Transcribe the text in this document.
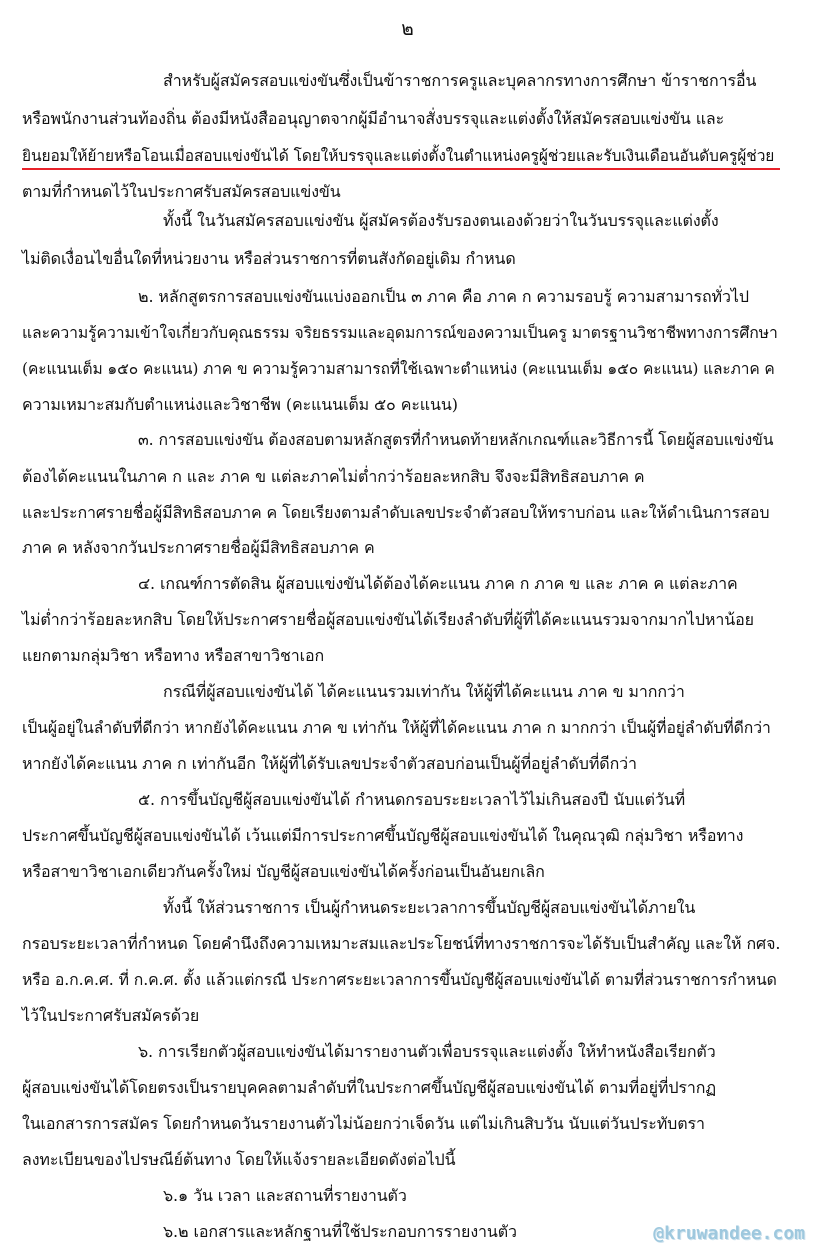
๒
สำหรับผู้สมัครสอบแข่งขันซึ่งเป็นข้าราชการครูและบุคลากรทางการศึกษา ข้าราชการอื่น
หรือพนักงานส่วนท้องถิ่น ต้องมีหนังสืออนุญาตจากผู้มีอำนาจสั่งบรรจุและแต่งตั้งให้สมัครสอบแข่งขัน และ
ยินยอมให้ย้ายหรือโอนเมื่อสอบแข่งขันได้ โดยให้บรรจุและแต่งตั้งในตำแหน่งครูผู้ช่วยและรับเงินเดือนอันดับครูผู้ช่วย
ตามที่กำหนดไว้ในประกาศรับสมัครสอบแข่งขัน
ทั้งนี้ ในวันสมัครสอบแข่งขัน ผู้สมัครต้องรับรองตนเองด้วยว่าในวันบรรจุและแต่งตั้ง
ไม่ติดเงื่อนไขอื่นใดที่หน่วยงาน หรือส่วนราชการที่ตนสังกัดอยู่เดิม กำหนด
๒. หลักสูตรการสอบแข่งขันแบ่งออกเป็น ๓ ภาค คือ ภาค ก ความรอบรู้ ความสามารถทั่วไป
และความรู้ความเข้าใจเกี่ยวกับคุณธรรม จริยธรรมและอุดมการณ์ของความเป็นครู มาตรฐานวิชาชีพทางการศึกษา
(คะแนนเต็ม ๑๕๐ คะแนน) ภาค ข ความรู้ความสามารถที่ใช้เฉพาะตำแหน่ง (คะแนนเต็ม ๑๕๐ คะแนน) และภาค ค
ความเหมาะสมกับตำแหน่งและวิชาชีพ (คะแนนเต็ม ๕๐ คะแนน)
๓. การสอบแข่งขัน ต้องสอบตามหลักสูตรที่กำหนดท้ายหลักเกณฑ์และวิธีการนี้ โดยผู้สอบแข่งขัน
ต้องได้คะแนนในภาค ก และ ภาค ข แต่ละภาคไม่ต่ำกว่าร้อยละหกสิบ จึงจะมีสิทธิสอบภาค ค
และประกาศรายชื่อผู้มีสิทธิสอบภาค ค โดยเรียงตามลำดับเลขประจำตัวสอบให้ทราบก่อน และให้ดำเนินการสอบ
ภาค ค หลังจากวันประกาศรายชื่อผู้มีสิทธิสอบภาค ค
๔. เกณฑ์การตัดสิน ผู้สอบแข่งขันได้ต้องได้คะแนน ภาค ก ภาค ข และ ภาค ค แต่ละภาค
ไม่ต่ำกว่าร้อยละหกสิบ โดยให้ประกาศรายชื่อผู้สอบแข่งขันได้เรียงลำดับที่ผู้ที่ได้คะแนนรวมจากมากไปหาน้อย
แยกตามกลุ่มวิชา หรือทาง หรือสาขาวิชาเอก
กรณีที่ผู้สอบแข่งขันได้ ได้คะแนนรวมเท่ากัน ให้ผู้ที่ได้คะแนน ภาค ข มากกว่า
เป็นผู้อยู่ในลำดับที่ดีกว่า หากยังได้คะแนน ภาค ข เท่ากัน ให้ผู้ที่ได้คะแนน ภาค ก มากกว่า เป็นผู้ที่อยู่ลำดับที่ดีกว่า
หากยังได้คะแนน ภาค ก เท่ากันอีก ให้ผู้ที่ได้รับเลขประจำตัวสอบก่อนเป็นผู้ที่อยู่ลำดับที่ดีกว่า
๕. การขึ้นบัญชีผู้สอบแข่งขันได้ กำหนดกรอบระยะเวลาไว้ไม่เกินสองปี นับแต่วันที่
ประกาศขึ้นบัญชีผู้สอบแข่งขันได้ เว้นแต่มีการประกาศขึ้นบัญชีผู้สอบแข่งขันได้ ในคุณวุฒิ กลุ่มวิชา หรือทาง
หรือสาขาวิชาเอกเดียวกันครั้งใหม่ บัญชีผู้สอบแข่งขันได้ครั้งก่อนเป็นอันยกเลิก
ทั้งนี้ ให้ส่วนราชการ เป็นผู้กำหนดระยะเวลาการขึ้นบัญชีผู้สอบแข่งขันได้ภายใน
กรอบระยะเวลาที่กำหนด โดยคำนึงถึงความเหมาะสมและประโยชน์ที่ทางราชการจะได้รับเป็นสำคัญ และให้ กศจ.
หรือ อ.ก.ค.ศ. ที่ ก.ค.ศ. ตั้ง แล้วแต่กรณี ประกาศระยะเวลาการขึ้นบัญชีผู้สอบแข่งขันได้ ตามที่ส่วนราชการกำหนด
ไว้ในประกาศรับสมัครด้วย
๖. การเรียกตัวผู้สอบแข่งขันได้มารายงานตัวเพื่อบรรจุและแต่งตั้ง ให้ทำหนังสือเรียกตัว
ผู้สอบแข่งขันได้โดยตรงเป็นรายบุคคลตามลำดับที่ในประกาศขึ้นบัญชีผู้สอบแข่งขันได้ ตามที่อยู่ที่ปรากฏ
ในเอกสารการสมัคร โดยกำหนดวันรายงานตัวไม่น้อยกว่าเจ็ดวัน แต่ไม่เกินสิบวัน นับแต่วันประทับตรา
ลงทะเบียนของไปรษณีย์ต้นทาง โดยให้แจ้งรายละเอียดดังต่อไปนี้
๖.๑ วัน เวลา และสถานที่รายงานตัว
๖.๒ เอกสารและหลักฐานที่ใช้ประกอบการรายงานตัว	@kruwandee.com
